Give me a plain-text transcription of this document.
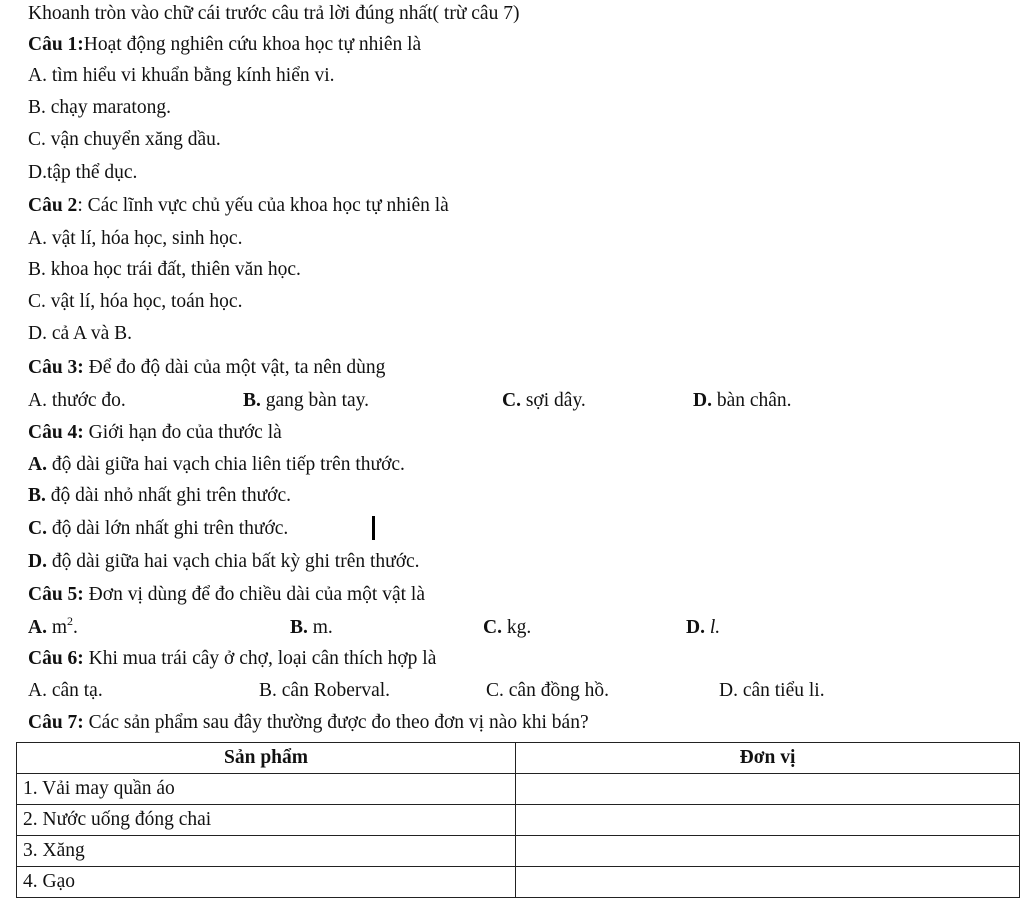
Khoanh tròn vào chữ cái trước câu trả lời đúng nhất( trừ câu 7)
Câu 1:Hoạt động nghiên cứu khoa học tự nhiên là
A. tìm hiểu vi khuẩn bằng kính hiển vi.
B. chạy maratong.
C. vận chuyển xăng dầu.
D.tập thể dục.
Câu 2: Các lĩnh vực chủ yếu của khoa học tự nhiên là
A. vật lí, hóa học, sinh học.
B. khoa học trái đất, thiên văn học.
C. vật lí, hóa học, toán học.
D. cả A và B.
Câu 3: Để đo độ dài của một vật, ta nên dùng
A. thước đo.	B. gang bàn tay.	C. sợi dây.	D. bàn chân.
Câu 4: Giới hạn đo của thước là
A. độ dài giữa hai vạch chia liên tiếp trên thước.
B. độ dài nhỏ nhất ghi trên thước.
C. độ dài lớn nhất ghi trên thước.
D. độ dài giữa hai vạch chia bất kỳ ghi trên thước.
Câu 5: Đơn vị dùng để đo chiều dài của một vật là
A. $m^2$.	B. m.	C. kg.	D. l.
Câu 6: Khi mua trái cây ở chợ, loại cân thích hợp là
A. cân tạ.	B. cân Roberval.	C. cân đồng hồ.	D. cân tiểu li.
Câu 7: Các sản phẩm sau đây thường được đo theo đơn vị nào khi bán?
Sản phẩm	Đơn vị
1. Vải may quần áo	
2. Nước uống đóng chai	
3. Xăng	
4. Gạo	
